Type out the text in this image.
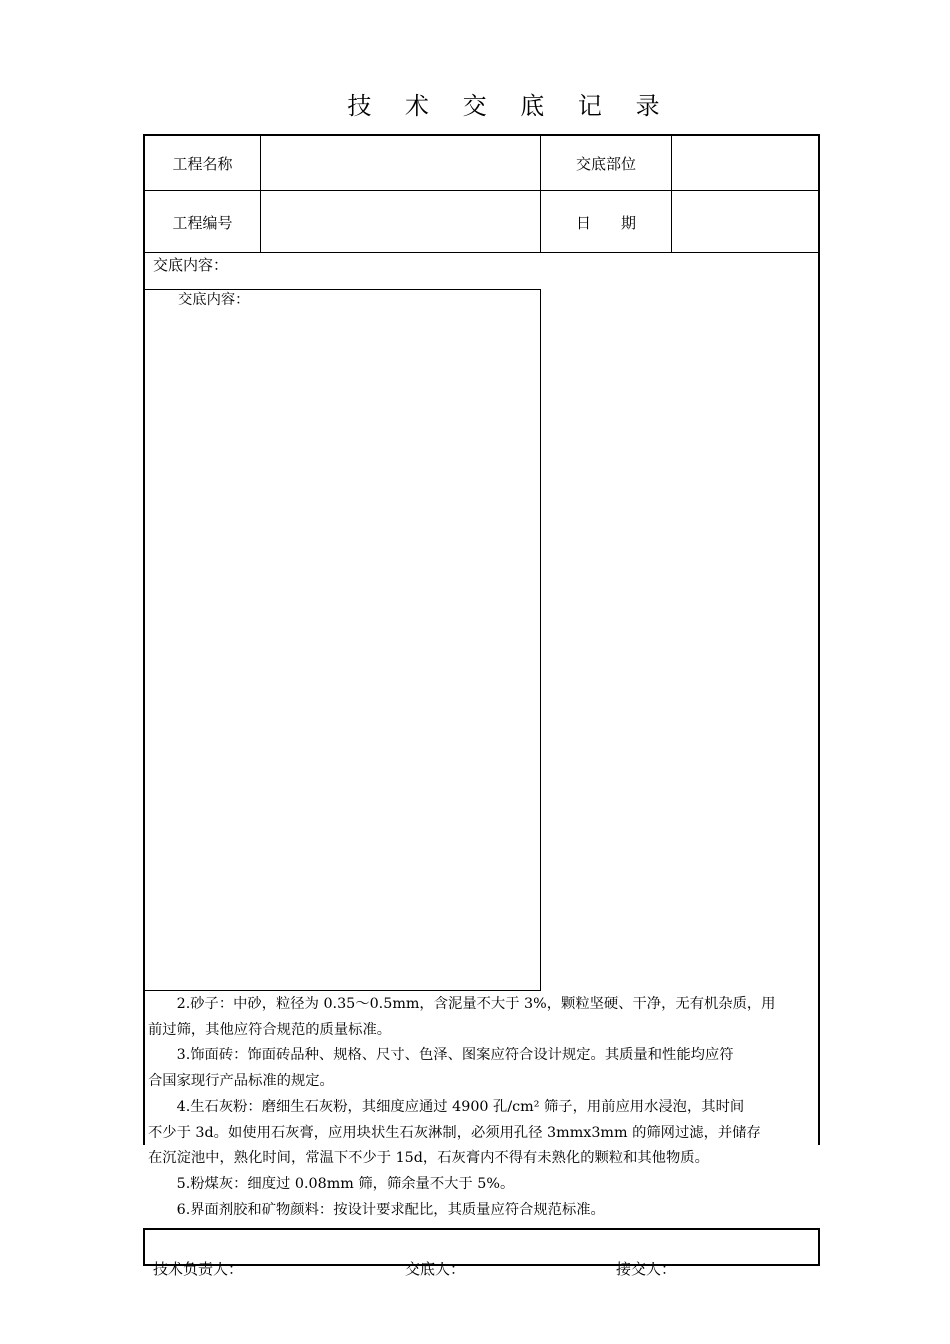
技 术 交 底 记 录
工程名称	交底部位
工程编号	日　　期
交底内容：
交底内容：
　　2.砂子：中砂，粒径为 0.35～0.5mm，含泥量不大于 3%，颗粒坚硬、干净，无有机杂质，用
前过筛，其他应符合规范的质量标准。
　　3.饰面砖：饰面砖品种、规格、尺寸、色泽、图案应符合设计规定。其质量和性能均应符
合国家现行产品标准的规定。
　　4.生石灰粉：磨细生石灰粉，其细度应通过 4900 孔/cm² 筛子，用前应用水浸泡，其时间
不少于 3d。如使用石灰膏，应用块状生石灰淋制，必须用孔径 3mmx3mm 的筛网过滤，并储存
在沉淀池中，熟化时间，常温下不少于 15d，石灰膏内不得有未熟化的颗粒和其他物质。
　　5.粉煤灰：细度过 0.08mm 筛，筛余量不大于 5%。
　　6.界面剂胶和矿物颜料：按设计要求配比，其质量应符合规范标准。
技术负责人：	交底人：	接交人：
